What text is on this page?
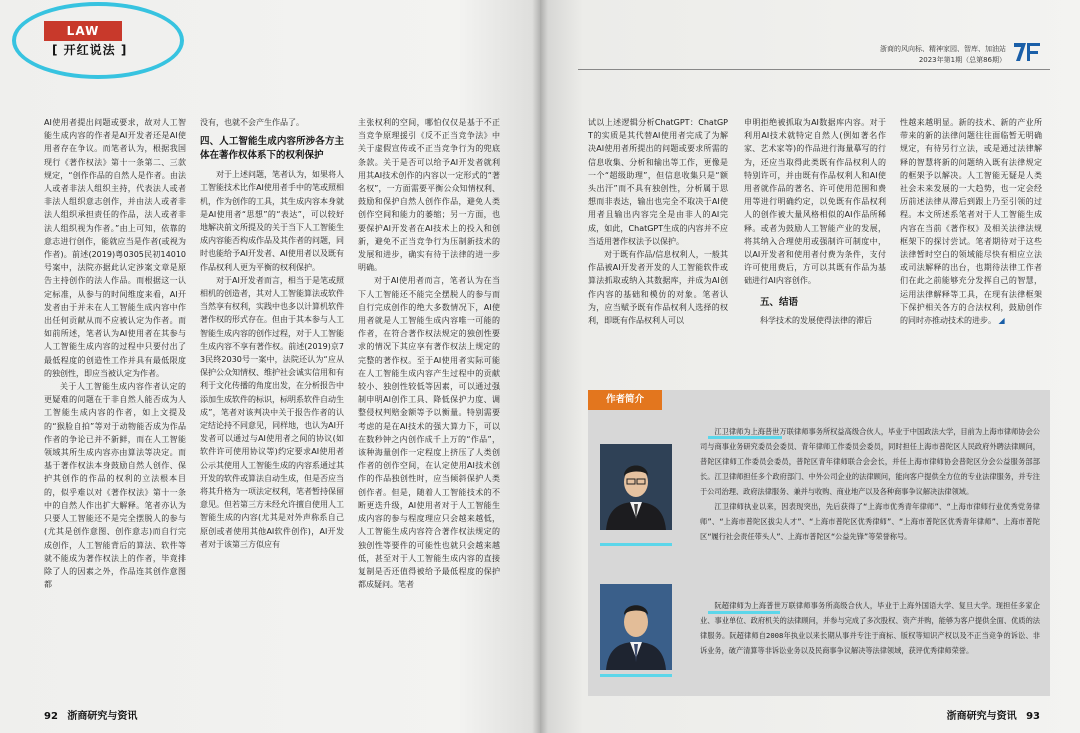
LAW
[ 开红说法 ]

AI使用者提出问题或要求，故对人工智能生成内容的作者是AI开发者还是AI使用者存在争议。而笔者认为，根据我国现行《著作权法》第十一条第二、三款规定，“创作作品的自然人是作者。由法人或者非法人组织主持，代表法人或者非法人组织意志创作，并由法人或者非法人组织承担责任的作品，法人或者非法人组织视为作者。”由上可知，依靠的意志进行创作，能就应当是作者(或视为作者)。前述(2019)粤0305民初14010号案中，法院亦据此认定涉案文章是原告主持创作的法人作品。而根据这一认定标准，从参与的时间维度来看，AI开发者由于并未在人工智能生成内容中作出任何贡献从而不应被认定为作者。而如前所述，笔者认为AI使用者在其参与人工智能生成内容的过程中只要付出了最低程度的创造性工作并具有最低限度的独创性，即应当被认定为作者。

关于人工智能生成内容作者认定的更疑难的问题在于非自然人能否成为人工智能生成内容的作者，如上文提及的“猴脸自拍”等对于动物能否成为作品作者的争论已并不新鲜，而在人工智能领域其所生成内容亦由算法等决定。而基于著作权法本身鼓励自然人创作、保护其创作的作品的权利的立法根本目的，似乎难以对《著作权法》第十一条中的自然人作出扩大解释。笔者亦认为只要人工智能还不是完全摆脱人的参与(尤其是创作意图、创作意志)而自行完成创作，人工智能背后的算法、软件等就不能成为著作权法上的作者，毕竟排除了人的因素之外，作品连其创作意图都

没有，也就不会产生作品了。

四、人工智能生成内容所涉各方主体在著作权体系下的权利保护

对于上述问题，笔者认为，如果将人工智能技术比作AI使用者手中的笔或照相机，作为创作的工具，其生成内容本身就是AI使用者“思想”的“表达”，可以较好地解决前文所提及的关于当下人工智能生成内容能否构成作品及其作者的问题，同时也能给予AI开发者、AI使用者以及既有作品权利人更为平衡的权利保护。

对于AI开发者而言，相当于是笔或照相机的创造者，其对人工智能算法或软件当然享有权利，实践中也多以计算机软件著作权的形式存在。但由于其本参与人工智能生成内容的创作过程，对于人工智能生成内容不享有著作权。前述(2019)京73民终2030号一案中，法院还认为“应从保护公众知情权、维护社会诚实信用和有利于文化传播的角度出发，在分析报告中添加生成软件的标识，标明系软件自动生成”，笔者对该判决中关于报告作者的认定结论持不同意见，同样地，也认为AI开发者可以通过与AI使用者之间的协议(如软件许可使用协议等)约定要求AI使用者公示其使用人工智能生成的内容系通过其开发的软件或算法自动生成，但是否应当将其升格为一项法定权利，笔者暂持保留意见。但若第三方未经允许擅自使用人工智能生成的内容(尤其是对外声称系自己原创或者使用其他AI软件创作)，AI开发者对于该第三方似应有

主张权利的空间，哪怕仅仅是基于不正当竞争原理援引《反不正当竞争法》中关于虚假宣传或不正当竞争行为的兜底条款。关于是否可以给予AI开发者就利用其AI技术创作的内容以一定形式的“著名权”，一方面需要平衡公众知情权利、鼓励和保护自然人创作作品，避免人类创作空间和能力的萎缩；另一方面，也要保护AI开发者在AI技术上的投入和创新，避免不正当竞争行为压制新技术的发展和进步，确实有待于法律的进一步明确。

对于AI使用者而言，笔者认为在当下人工智能还不能完全摆脱人的参与而自行完成创作的绝大多数情况下，AI使用者就是人工智能生成内容唯一可能的作者，在符合著作权法规定的独创性要求的情况下其应享有著作权法上规定的完整的著作权。至于AI使用者实际可能在人工智能生成内容产生过程中的贡献较小、独创性较低等因素，可以通过强制申明AI创作工具、降低保护力度、调整侵权判赔金额等予以衡量。特别需要考虑的是在AI技术的强大算力下，可以在数秒钟之内创作成千上万的“作品”，该种海量创作一定程度上挤压了人类创作者的创作空间，在认定使用AI技术创作的作品独创性时，应当倾斜保护人类创作者。但是，随着人工智能技术的不断更迭升级，AI使用者对于人工智能生成内容的参与程度理应只会越来越低，人工智能生成内容符合著作权法规定的独创性等要件的可能性也就只会越来越低，甚至对于人工智能生成内容的直接复制是否还值得被给予最低程度的保护都成疑问。笔者

92 浙商研究与资讯
浙商的风向标、精神家园、智库、加油站
2023年第1期（总第86期）

试以上述逻辑分析ChatGPT：ChatGPT的实质是其代替AI使用者完成了为解决AI使用者所提出的问题或要求所需的信息收集、分析和输出等工作，更像是一个“超级助理”，但信息收集只是“额头出汗”而不具有独创性，分析属于思想而非表达，输出也完全不取决于AI使用者且输出内容完全是由非人的AI完成，如此，ChatGPT生成的内容并不应当适用著作权法予以保护。

对于既有作品/信息权利人，一般其作品被AI开发者开发的人工智能软件或算法抓取或纳入其数据库，并成为AI创作内容的基础和模仿的对象。笔者认为，应当赋予既有作品权利人选择的权利，即既有作品权利人可以

申明拒绝被抓取为AI数据库内容。对于利用AI技术就特定自然人(例如著名作家、艺术家等)的作品进行海量摹写的行为，还应当取得此类既有作品权利人的特别许可，并由既有作品权利人和AI使用者就作品的著名、许可使用范围和费用等进行明确约定，以免既有作品权利人的创作被大量风格相似的AI作品所稀释。或者为鼓励人工智能产业的发展，将其纳入合理使用或强制许可制度中，以AI开发者和使用者付费为条件，支付许可使用费后，方可以其既有作品为基础进行AI内容创作。

五、结语

科学技术的发展使得法律的滞后

性越来越明显。新的技术、新的产业所带来的新的法律问题往往面临暂无明确规定，有待另行立法，或是通过法律解释的智慧将新的问题纳入既有法律规定的框架予以解决。人工智能无疑是人类社会未来发展的一大趋势，也一定会经历前述法律从滞后到跟上乃至引领的过程。本文所述系笔者对于人工智能生成内容在当前《著作权》及相关法律法规框架下的探讨尝试。笔者期待对于这些法律暂时空白的领域能尽快有相应立法或司法解释的出台，也期待法律工作者们在此之前能够充分发挥自己的智慧，运用法律解释等工具，在现有法律框架下保护相关各方的合法权利，鼓励创作的同时亦推动技术的进步。 ◢

作者简介

江卫律师为上海普世万联律师事务所权益高级合伙人，毕业于中国政法大学，目前为上海市律师协会公司与商事业务研究委员会委员、青年律师工作委员会委员，同时担任上海市普陀区人民政府外聘法律顾问，普陀区律师工作委员会委员，普陀区青年律师联合会会长，并任上海市律师协会普陀区分会公益服务部部长。江卫律师担任多个政府部门、中外公司企业的法律顾问，能向客户提供全方位的专业法律服务，并专注于公司治理、政府法律服务、兼并与收购、商业地产以及各种商事争议解决法律领域。

江卫律师执业以来，因表现突出，先后获得了“上海市优秀青年律师”、“上海市律师行业优秀党务律师”、“上海市普陀区拔尖人才”、“上海市普陀区优秀律师”、“上海市普陀区优秀青年律师”、上海市普陀区“履行社会责任带头人”、上海市普陀区“公益先锋”等荣誉称号。

阮超律师为上海普世万联律师事务所高级合伙人，毕业于上海外国语大学、复旦大学。现担任多家企业、事业单位、政府机关的法律顾问，并参与完成了多次股权、资产并购，能够为客户提供全面、优质的法律服务。阮超律师自2008年执业以来长期从事并专注于商标、版权等知识产权以及不正当竞争的诉讼、非诉业务，破产清算等非诉讼业务以及民商事争议解决等法律领域，获评优秀律师荣誉。

浙商研究与资讯 93
